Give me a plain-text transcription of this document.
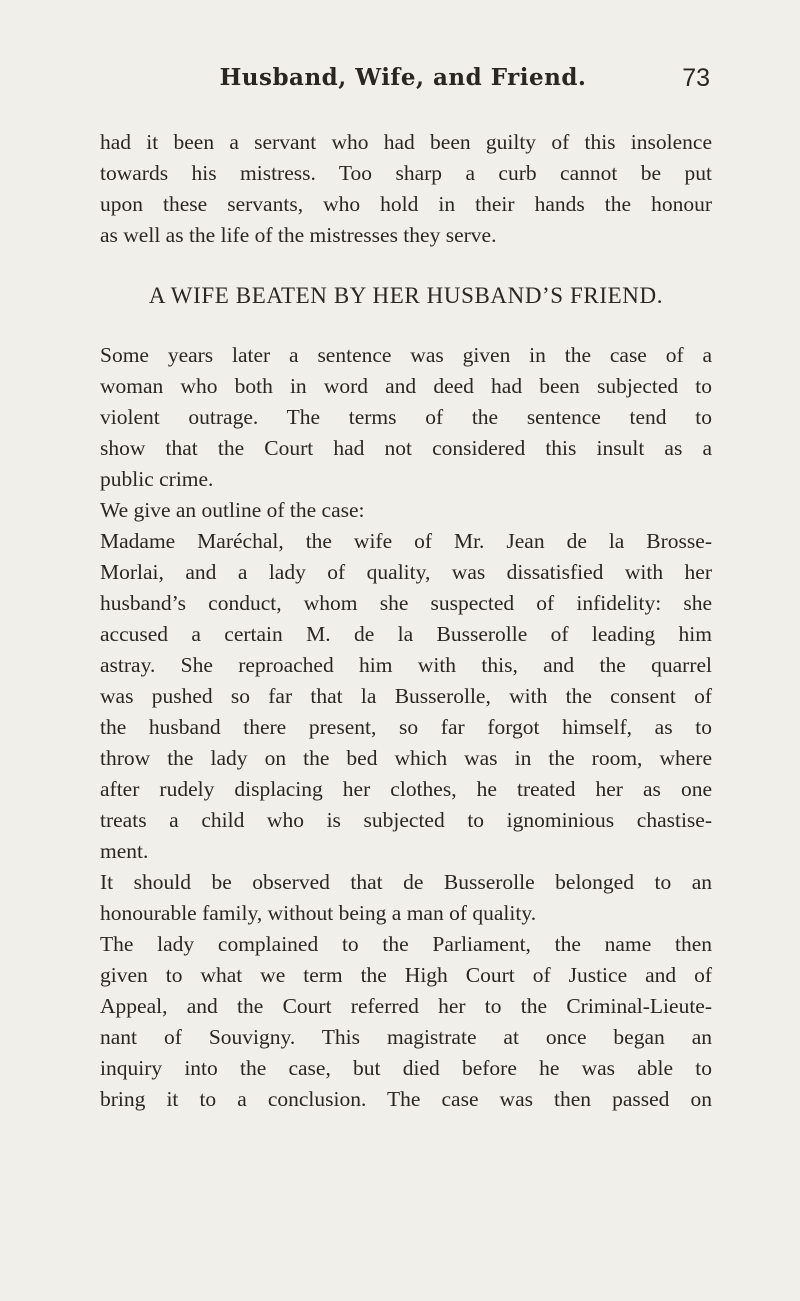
Husband, Wife, and Friend.	73

had it been a servant who had been guilty of this insolence
towards his mistress. Too sharp a curb cannot be put
upon these servants, who hold in their hands the honour
as well as the life of the mistresses they serve.

A WIFE BEATEN BY HER HUSBAND’S FRIEND.

Some years later a sentence was given in the case of a
woman who both in word and deed had been subjected to
violent outrage. The terms of the sentence tend to
show that the Court had not considered this insult as a
public crime.

We give an outline of the case:

Madame Maréchal, the wife of Mr. Jean de la Brosse-
Morlai, and a lady of quality, was dissatisfied with her
husband’s conduct, whom she suspected of infidelity: she
accused a certain M. de la Busserolle of leading him
astray. She reproached him with this, and the quarrel
was pushed so far that la Busserolle, with the consent of
the husband there present, so far forgot himself, as to
throw the lady on the bed which was in the room, where
after rudely displacing her clothes, he treated her as one
treats a child who is subjected to ignominious chastise-
ment.

It should be observed that de Busserolle belonged to an
honourable family, without being a man of quality.

The lady complained to the Parliament, the name then
given to what we term the High Court of Justice and of
Appeal, and the Court referred her to the Criminal-Lieute-
nant of Souvigny. This magistrate at once began an
inquiry into the case, but died before he was able to
bring it to a conclusion. The case was then passed on
